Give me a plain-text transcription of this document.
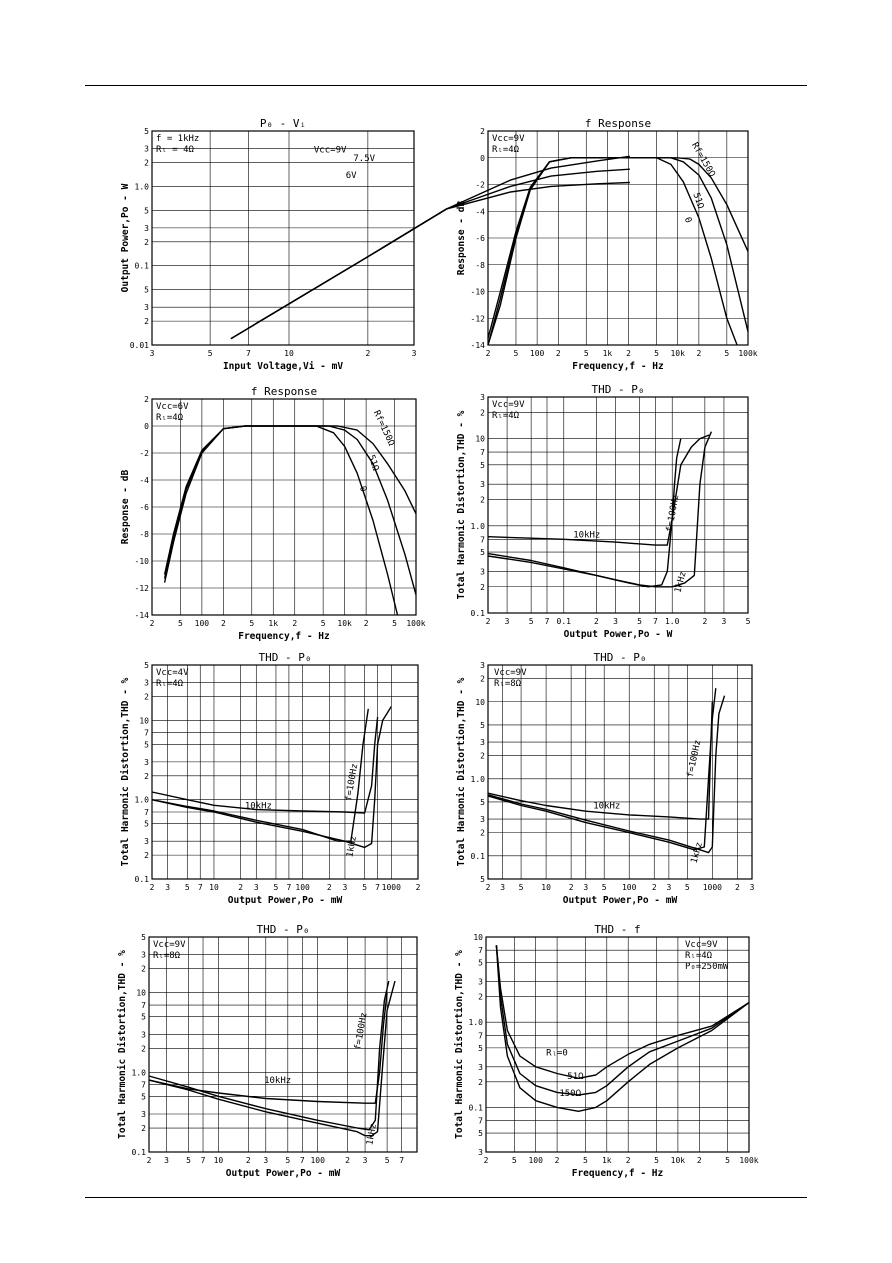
3	5	7	10	2	3
0.01
2
3
5
0.1
2
3
5
1.0
2
3
5
P₀ - Vᵢ
Input Voltage,Vi - mV
Output Power,Po - W
f = 1kHz
Rₗ = 4Ω	Vcc=9V
7.5V
6V
2	5 100 2	5 1k 2	5 10k 2	5 100k
2
0
-2
-4
-6
-8
-10
-12
-14
f Response
Frequency,f - Hz
Response - dB
Vcc=9V
Rₗ=4Ω	Rf=150Ω
51Ω
0
2	5 100 2	5 1k 2	5 10k 2	5 100k
2
0
-2
-4
-6
-8
-10
-12
-14
f Response
Frequency,f - Hz
Response - dB
Vcc=6V
Rₗ=4Ω	Rf=150Ω
51Ω
0
2 3 5 7 0.1	2 3 5 7 1.0	2 3 5
0.1
2
3
5
7
1.0
2
3
5
7
10
2
3
THD - P₀
Output Power,Po - W
Total Harmonic Distortion,THD - %
Vcc=9V
Rₗ=4Ω
f=100Hz
10kHz
1kHz
2 3 5 7 10 2 3 5 7 100 2 3 5 7 1000 2
0.1
2
3
5
7
1.0
2
3
5
7
10
2
3
5
THD - P₀
Output Power,Po - mW
Total Harmonic Distortion,THD - %
Vcc=4V
Rₗ=4Ω
f=100Hz
10kHz
1kHz
2 3 5 10 2 3 5 100 2 3 5 1000 2 3
5
0.1
2
3
5
1.0
2
3
5
10
2
3
THD - P₀
Output Power,Po - mW
Total Harmonic Distortion,THD - %
Vcc=9V
Rₗ=8Ω
f=100Hz
10kHz
1kHz
2 3 5 7 10	2 3 5 7 100	2 3 5 7
0.1
2
3
5
7
1.0
2
3
5
7
10
2
3
5
THD - P₀
Output Power,Po - mW
Total Harmonic Distortion,THD - %
Vcc=9V
Rₗ=8Ω
f=100Hz
10kHz
1kHz
2	5 100 2	5 1k 2	5 10k 2	5 100k
3
5
7
0.1
2
3
5
7
1.0
2
3
5
7
10
THD - f
Frequency,f - Hz
Total Harmonic Distortion,THD - %
Vcc=9V
Rₗ=4Ω
P₀=250mW
Rₗ=0
51Ω
150Ω
